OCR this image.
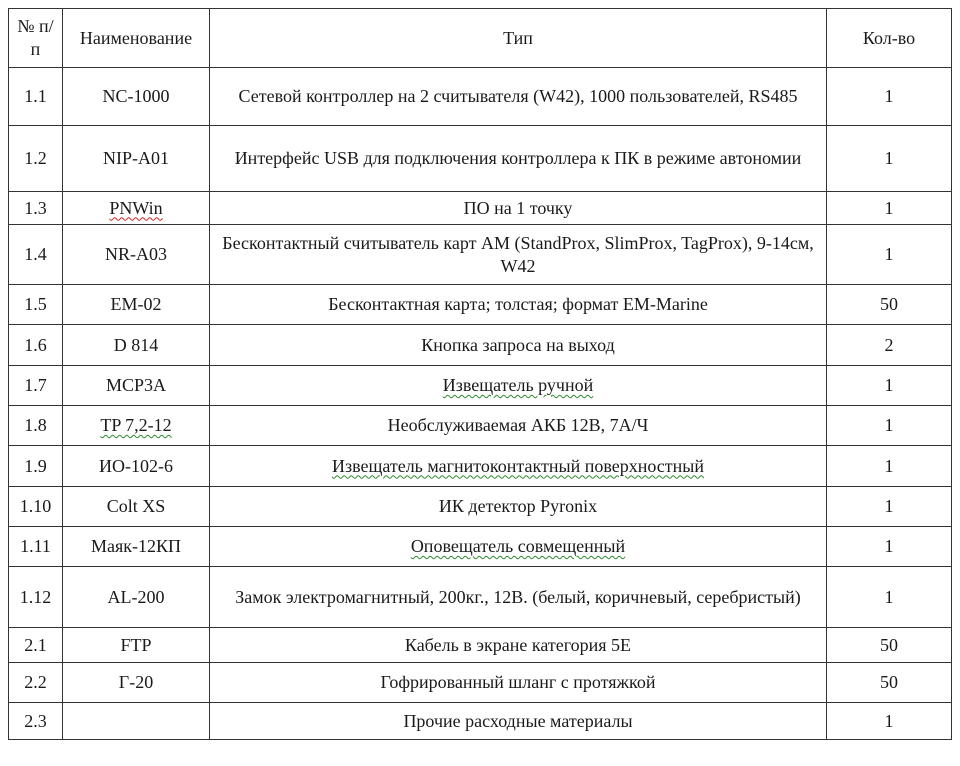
№ п/п	Наименование	Тип	Кол-во
1.1	NC-1000	Сетевой контроллер на 2 считывателя (W42), 1000 пользователей, RS485	1
1.2	NIP-A01	Интерфейс USB для подключения контроллера к ПК в режиме автономии	1
1.3	PNWin	ПО на 1 точку	1
1.4	NR-A03	Бесконтактный считыватель карт AM (StandProx, SlimProx, TagProx), 9-14см, W42	1
1.5	EM-02	Бесконтактная карта; толстая; формат EM-Marine	50
1.6	D 814	Кнопка запроса на выход	2
1.7	МСР3А	Извещатель ручной	1
1.8	TP 7,2-12	Необслуживаемая АКБ 12В, 7А/Ч	1
1.9	ИО-102-6	Извещатель магнитоконтактный поверхностный	1
1.10	Colt XS	ИК детектор Pyronix	1
1.11	Маяк-12КП	Оповещатель совмещенный	1
1.12	AL-200	Замок электромагнитный, 200кг., 12В. (белый, коричневый, серебристый)	1
2.1	FTP	Кабель в экране категория 5Е	50
2.2	Г-20	Гофрированный шланг с протяжкой	50
2.3		Прочие расходные материалы	1
